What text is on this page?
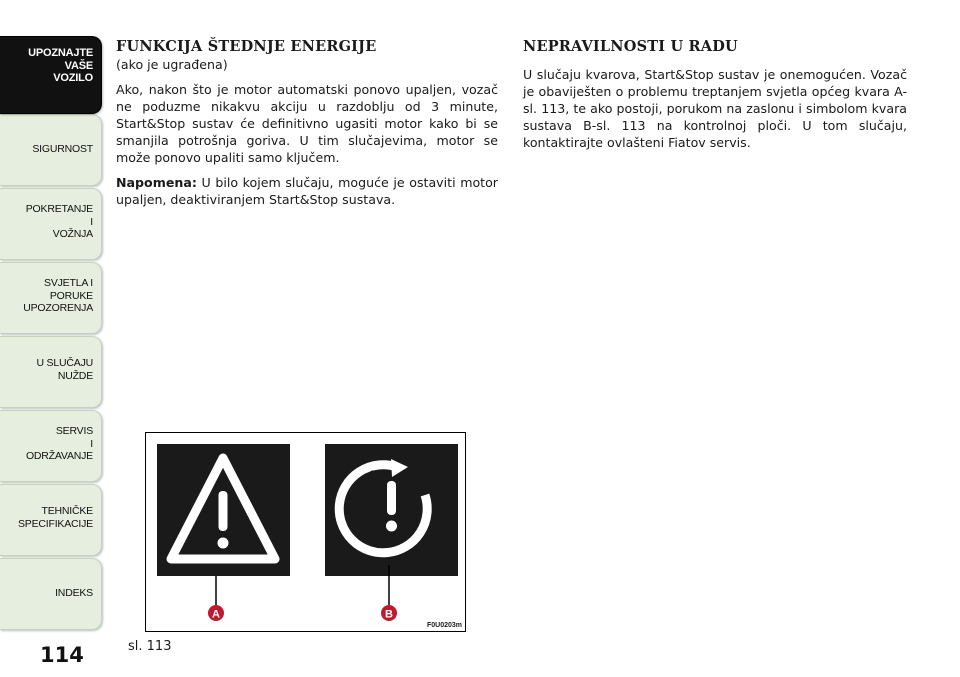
UPOZNAJTE
VAŠE
VOZILO
SIGURNOST
POKRETANJE
I
VOŽNJA
SVJETLA I
PORUKE
UPOZORENJA
U SLUČAJU
NUŽDE
SERVIS
I
ODRŽAVANJE
TEHNIČKE
SPECIFIKACIJE
INDEKS
114
FUNKCIJA ŠTEDNJE ENERGIJE
(ako je ugrađena)

Ako, nakon što je motor automatski ponovo upaljen, vozač ne poduzme nikakvu akciju u razdoblju od 3 minute, Start&Stop sustav će definitivno ugasiti motor kako bi se smanjila potrošnja goriva. U tim slučajevima, motor se može ponovo upaliti samo ključem.

Napomena: U bilo kojem slučaju, moguće je ostaviti motor upaljen, deaktiviranjem Start&Stop sustava.

NEPRAVILNOSTI U RADU

U slučaju kvarova, Start&Stop sustav je onemogućen. Vozač je obaviješten o problemu treptanjem svjetla općeg kvara A-sl. 113, te ako postoji, porukom na zaslonu i simbolom kvara sustava B-sl. 113 na kontrolnoj ploči. U tom slučaju, kontaktirajte ovlašteni Fiatov servis.

A	B
F0U0203m
sl. 113
